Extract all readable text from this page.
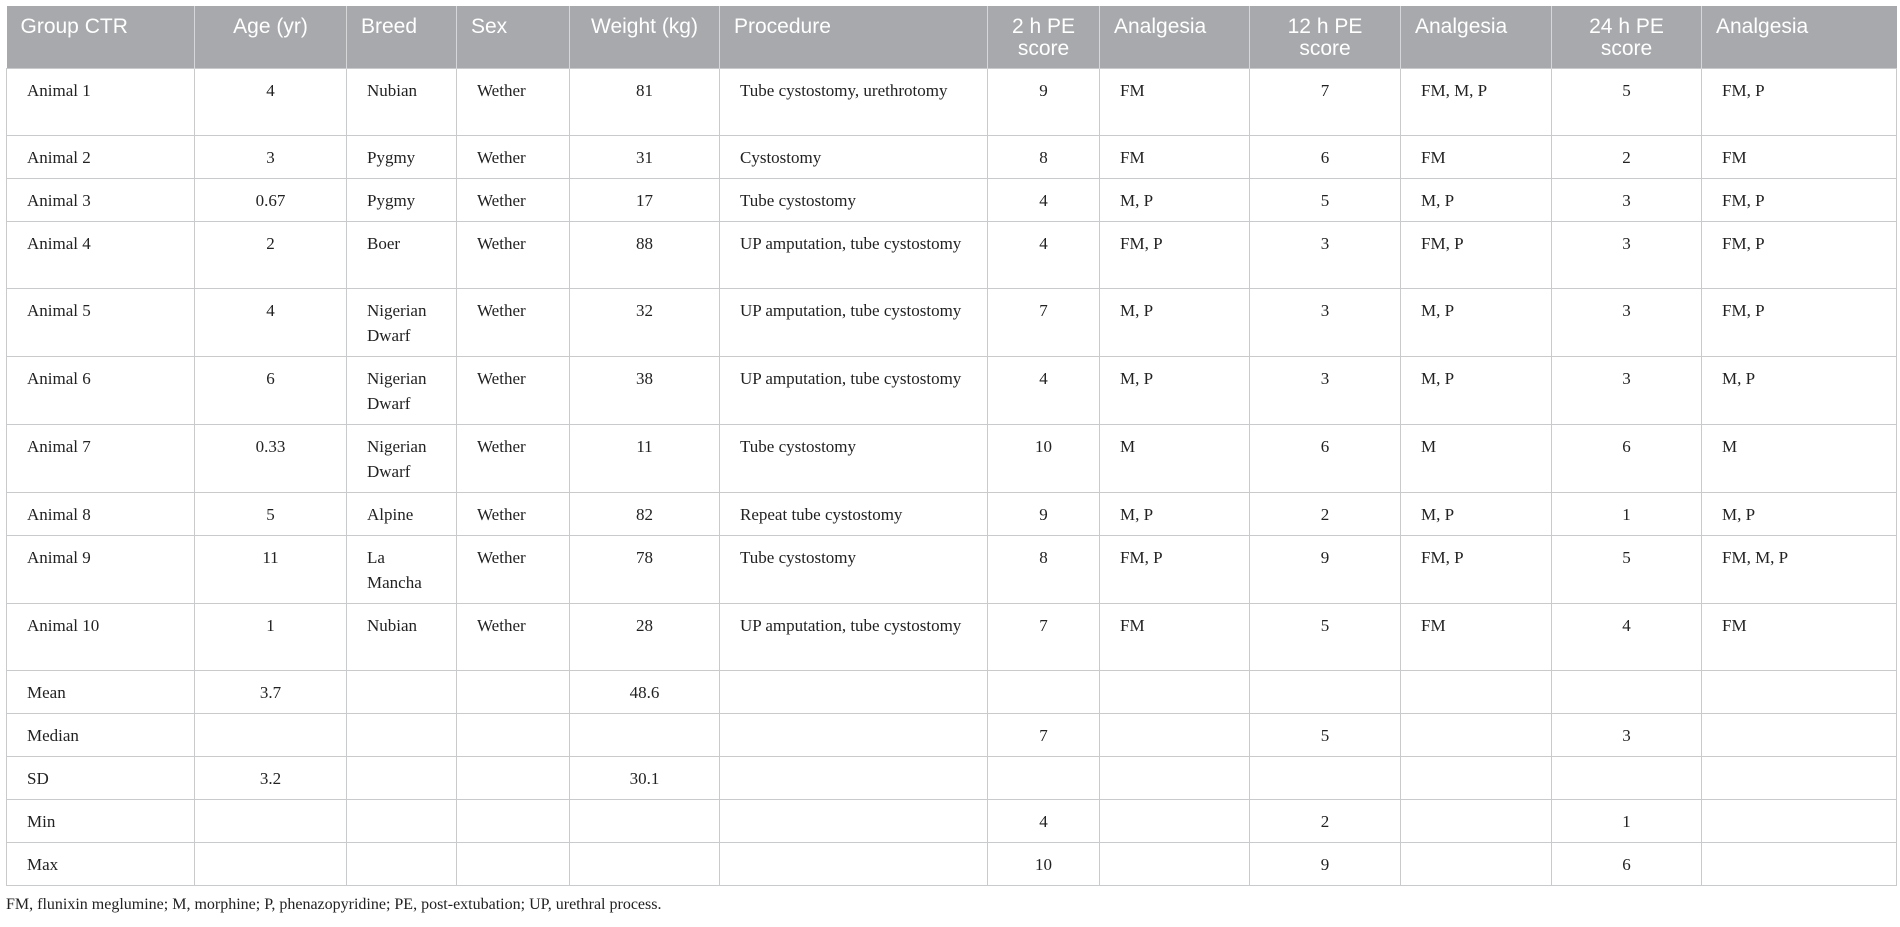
Group CTR	Age (yr)	Breed	Sex	Weight (kg)	Procedure	2 h PE score	Analgesia	12 h PE score	Analgesia	24 h PE score	Analgesia
Animal 1	4	Nubian	Wether	81	Tube cystostomy, urethrotomy	9	FM	7	FM, M, P	5	FM, P
Animal 2	3	Pygmy	Wether	31	Cystostomy	8	FM	6	FM	2	FM
Animal 3	0.67	Pygmy	Wether	17	Tube cystostomy	4	M, P	5	M, P	3	FM, P
Animal 4	2	Boer	Wether	88	UP amputation, tube cystostomy	4	FM, P	3	FM, P	3	FM, P
Animal 5	4	Nigerian Dwarf	Wether	32	UP amputation, tube cystostomy	7	M, P	3	M, P	3	FM, P
Animal 6	6	Nigerian Dwarf	Wether	38	UP amputation, tube cystostomy	4	M, P	3	M, P	3	M, P
Animal 7	0.33	Nigerian Dwarf	Wether	11	Tube cystostomy	10	M	6	M	6	M
Animal 8	5	Alpine	Wether	82	Repeat tube cystostomy	9	M, P	2	M, P	1	M, P
Animal 9	11	La Mancha	Wether	78	Tube cystostomy	8	FM, P	9	FM, P	5	FM, M, P
Animal 10	1	Nubian	Wether	28	UP amputation, tube cystostomy	7	FM	5	FM	4	FM
Mean	3.7			48.6							
Median						7		5		3	
SD	3.2			30.1							
Min						4		2		1	
Max						10		9		6	
FM, flunixin meglumine; M, morphine; P, phenazopyridine; PE, post-extubation; UP, urethral process.
